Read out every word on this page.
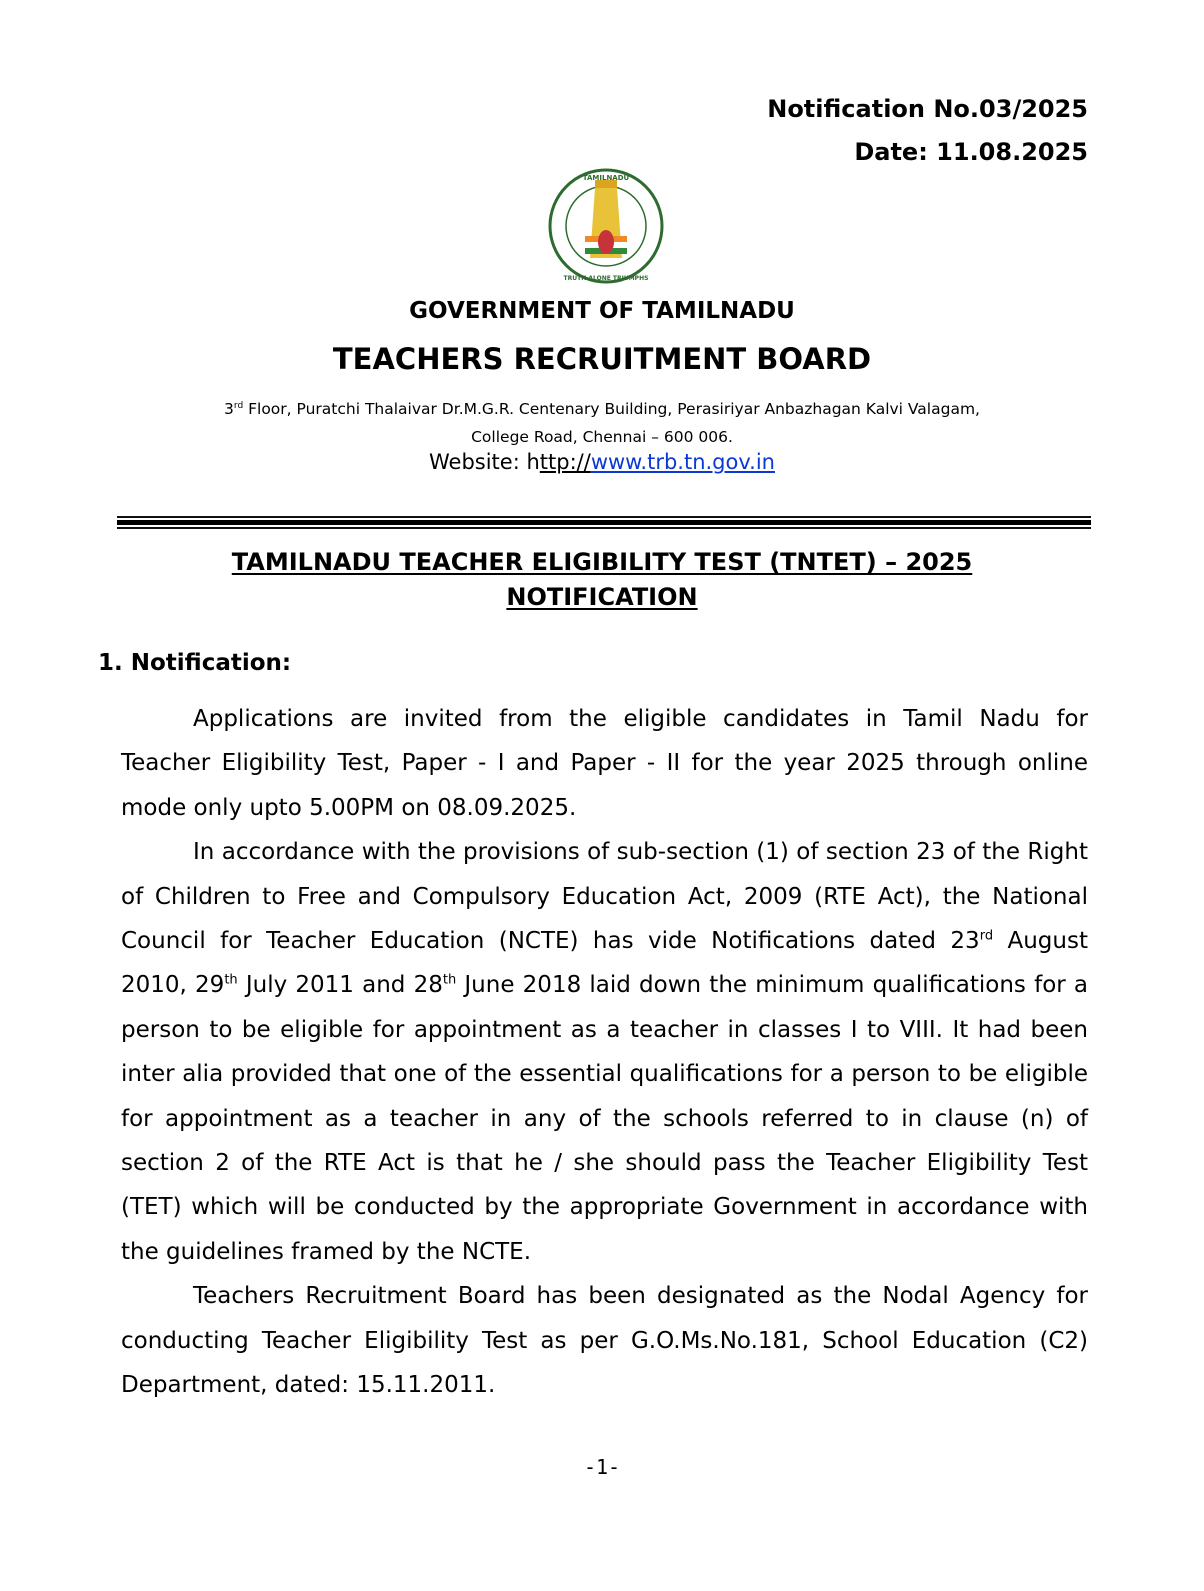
Notification No.03/2025
Date: 11.08.2025
TAMILNADU
TRUTH ALONE TRIUMPHS
GOVERNMENT OF TAMILNADU
TEACHERS RECRUITMENT BOARD
3rd Floor, Puratchi Thalaivar Dr.M.G.R. Centenary Building, Perasiriyar Anbazhagan Kalvi Valagam,
College Road, Chennai – 600 006.
Website: http://www.trb.tn.gov.in
TAMILNADU TEACHER ELIGIBILITY TEST (TNTET) – 2025
NOTIFICATION
1. Notification:

Applications are invited from the eligible candidates in Tamil Nadu for Teacher Eligibility Test, Paper - I and Paper - II for the year 2025 through online mode only upto 5.00PM on 08.09.2025.

In accordance with the provisions of sub-section (1) of section 23 of the Right of Children to Free and Compulsory Education Act, 2009 (RTE Act), the National Council for Teacher Education (NCTE) has vide Notifications dated 23rd August 2010, 29th July 2011 and 28th June 2018 laid down the minimum qualifications for a person to be eligible for appointment as a teacher in classes I to VIII. It had been inter alia provided that one of the essential qualifications for a person to be eligible for appointment as a teacher in any of the schools referred to in clause (n) of section 2 of the RTE Act is that he / she should pass the Teacher Eligibility Test (TET) which will be conducted by the appropriate Government in accordance with the guidelines framed by the NCTE.

Teachers Recruitment Board has been designated as the Nodal Agency for conducting Teacher Eligibility Test as per G.O.Ms.No.181, School Education (C2) Department, dated: 15.11.2011.

-1-
